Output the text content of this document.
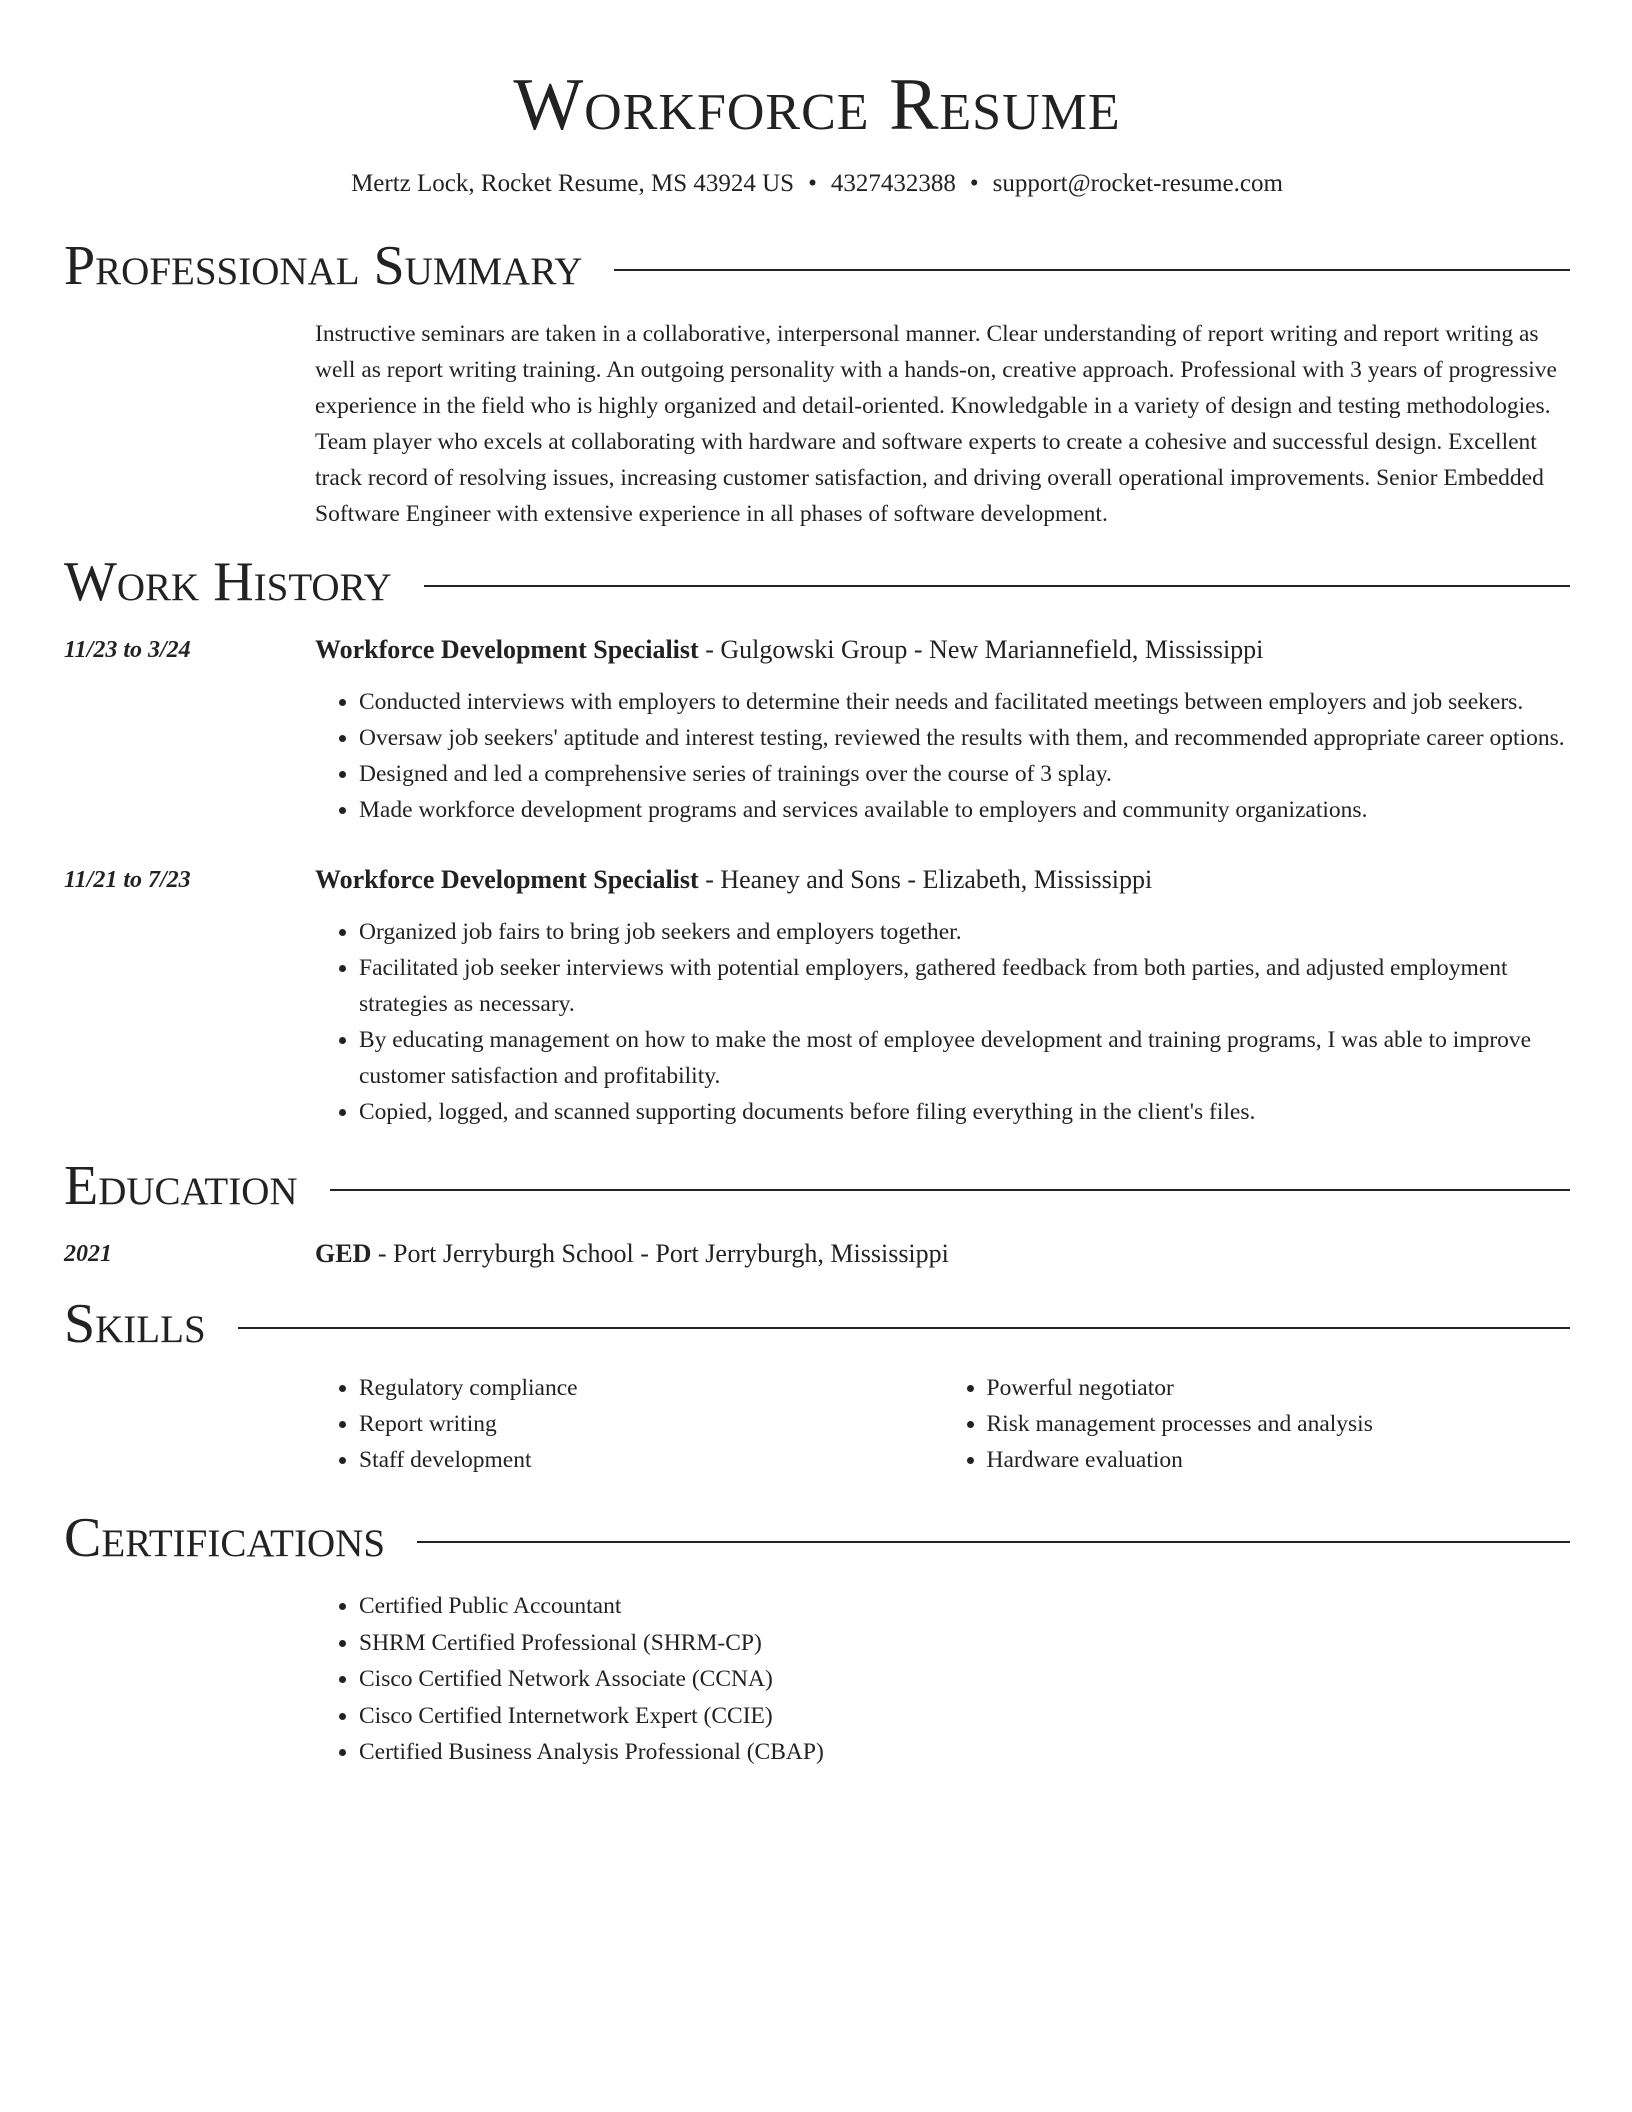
Workforce Resume
Mertz Lock, Rocket Resume, MS 43924 US • 4327432388 • support@rocket-resume.com
Professional Summary
Instructive seminars are taken in a collaborative, interpersonal manner. Clear understanding of report writing and report writing as well as report writing training. An outgoing personality with a hands-on, creative approach. Professional with 3 years of progressive experience in the field who is highly organized and detail-oriented. Knowledgable in a variety of design and testing methodologies. Team player who excels at collaborating with hardware and software experts to create a cohesive and successful design. Excellent track record of resolving issues, increasing customer satisfaction, and driving overall operational improvements. Senior Embedded Software Engineer with extensive experience in all phases of software development.
Work History
11/23 to 3/24	Workforce Development Specialist - Gulgowski Group - New Mariannefield, Mississippi
• Conducted interviews with employers to determine their needs and facilitated meetings between employers and job seekers.
• Oversaw job seekers' aptitude and interest testing, reviewed the results with them, and recommended appropriate career options.
• Designed and led a comprehensive series of trainings over the course of 3 splay.
• Made workforce development programs and services available to employers and community organizations.
11/21 to 7/23	Workforce Development Specialist - Heaney and Sons - Elizabeth, Mississippi
• Organized job fairs to bring job seekers and employers together.
• Facilitated job seeker interviews with potential employers, gathered feedback from both parties, and adjusted employment strategies as necessary.
• By educating management on how to make the most of employee development and training programs, I was able to improve customer satisfaction and profitability.
• Copied, logged, and scanned supporting documents before filing everything in the client's files.
Education
2021	GED - Port Jerryburgh School - Port Jerryburgh, Mississippi
Skills
• Regulatory compliance
• Report writing
• Staff development
• Powerful negotiator
• Risk management processes and analysis
• Hardware evaluation
Certifications
• Certified Public Accountant
• SHRM Certified Professional (SHRM-CP)
• Cisco Certified Network Associate (CCNA)
• Cisco Certified Internetwork Expert (CCIE)
• Certified Business Analysis Professional (CBAP)
